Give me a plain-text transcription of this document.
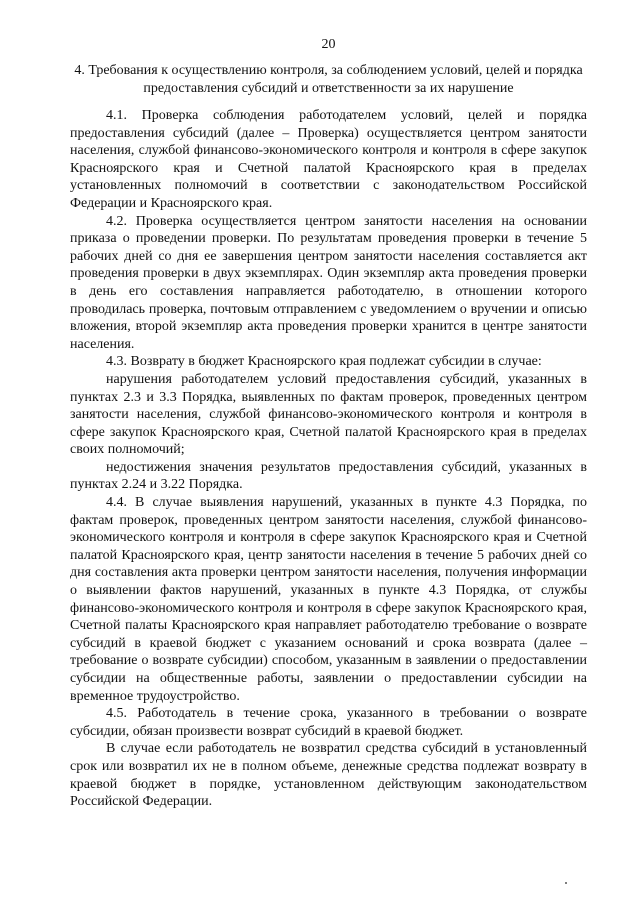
20
4. Требования к осуществлению контроля, за соблюдением условий, целей и порядка предоставления субсидий и ответственности за их нарушение

4.1. Проверка соблюдения работодателем условий, целей и порядка предоставления субсидий (далее – Проверка) осуществляется центром занятости населения, службой финансово-экономического контроля и контроля в сфере закупок Красноярского края и Счетной палатой Красноярского края в пределах установленных полномочий в соответствии с законодательством Российской Федерации и Красноярского края.

4.2. Проверка осуществляется центром занятости населения на основании приказа о проведении проверки. По результатам проведения проверки в течение 5 рабочих дней со дня ее завершения центром занятости населения составляется акт проведения проверки в двух экземплярах. Один экземпляр акта проведения проверки в день его составления направляется работодателю, в отношении которого проводилась проверка, почтовым отправлением с уведомлением о вручении и описью вложения, второй экземпляр акта проведения проверки хранится в центре занятости населения.

4.3. Возврату в бюджет Красноярского края подлежат субсидии в случае:

нарушения работодателем условий предоставления субсидий, указанных в пунктах 2.3 и 3.3 Порядка, выявленных по фактам проверок, проведенных центром занятости населения, службой финансово-экономического контроля и контроля в сфере закупок Красноярского края, Счетной палатой Красноярского края в пределах своих полномочий;

недостижения значения результатов предоставления субсидий, указанных в пунктах 2.24 и 3.22 Порядка.

4.4. В случае выявления нарушений, указанных в пункте 4.3 Порядка, по фактам проверок, проведенных центром занятости населения, службой финансово-экономического контроля и контроля в сфере закупок Красноярского края и Счетной палатой Красноярского края, центр занятости населения в течение 5 рабочих дней со дня составления акта проверки центром занятости населения, получения информации о выявлении фактов нарушений, указанных в пункте 4.3 Порядка, от службы финансово-экономического контроля и контроля в сфере закупок Красноярского края, Счетной палаты Красноярского края направляет работодателю требование о возврате субсидий в краевой бюджет с указанием оснований и срока возврата (далее – требование о возврате субсидии) способом, указанным в заявлении о предоставлении субсидии на общественные работы, заявлении о предоставлении субсидии на временное трудоустройство.

4.5. Работодатель в течение срока, указанного в требовании о возврате субсидии, обязан произвести возврат субсидий в краевой бюджет.

В случае если работодатель не возвратил средства субсидий в установленный срок или возвратил их не в полном объеме, денежные средства подлежат возврату в краевой бюджет в порядке, установленном действующим законодательством Российской Федерации.
